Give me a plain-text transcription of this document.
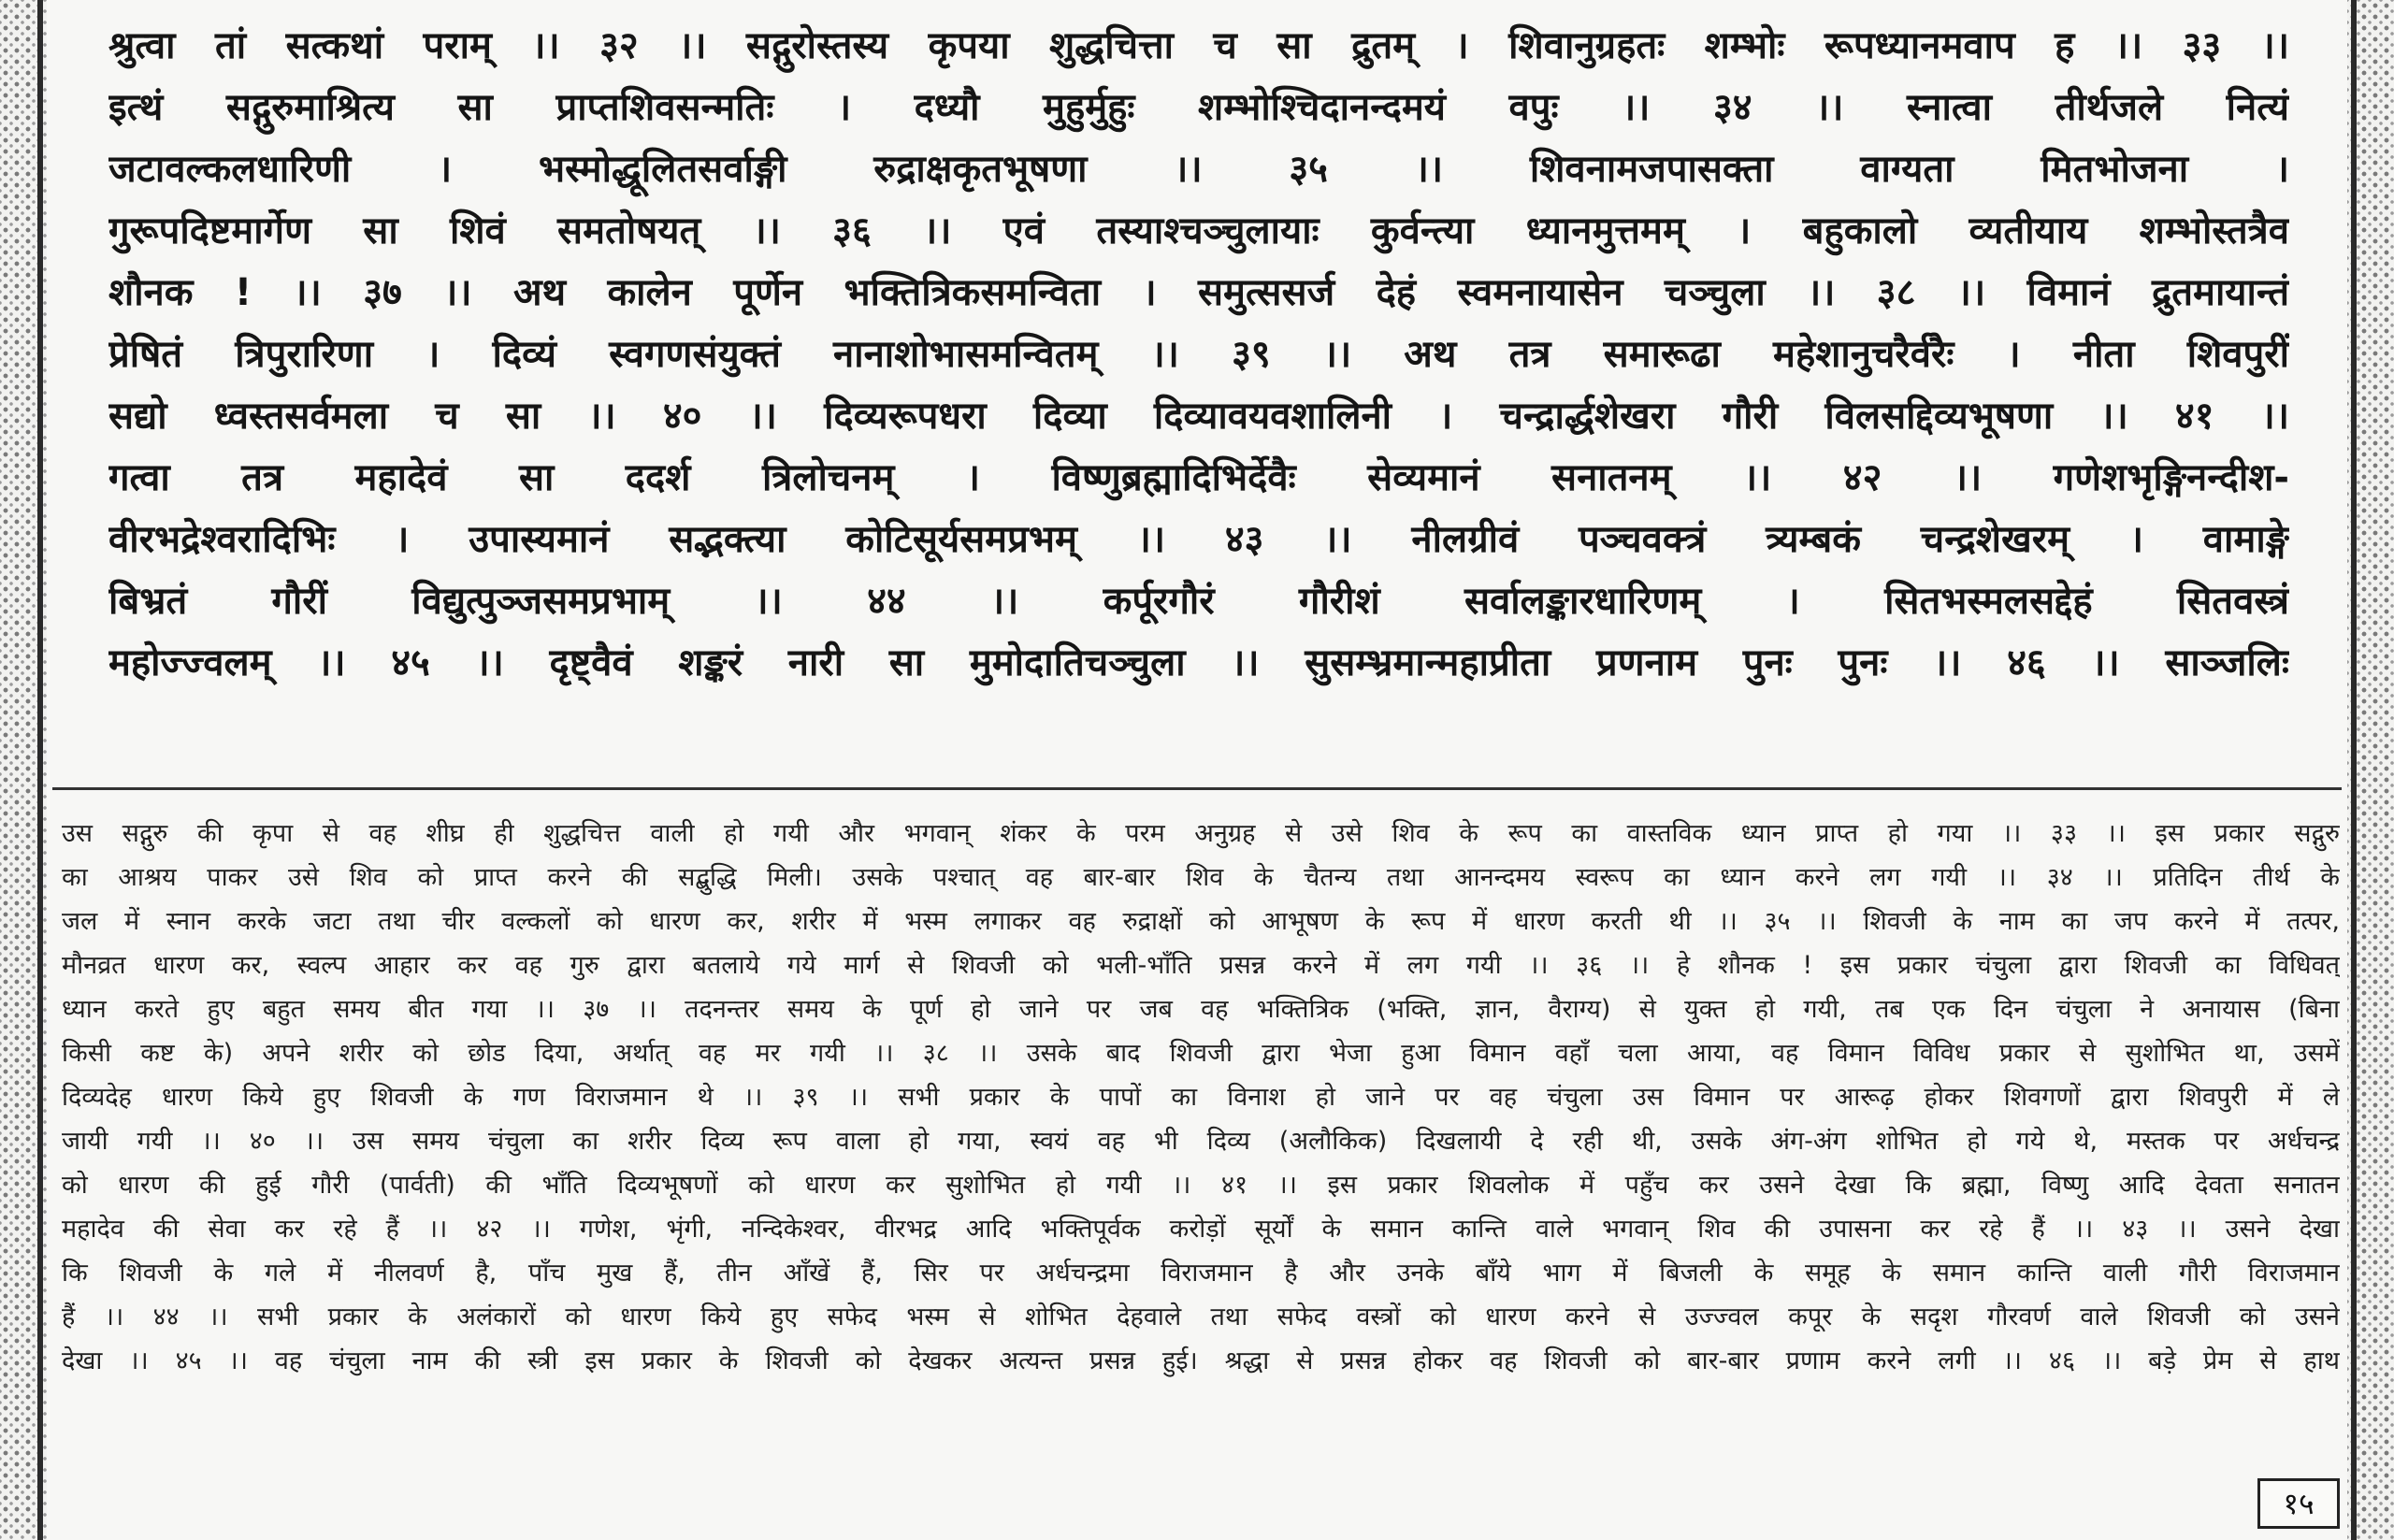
श्रुत्वा तां सत्कथां पराम् ।। ३२ ।। सद्गुरोस्तस्य कृपया शुद्धचित्ता च सा द्रुतम् । शिवानुग्रहतः शम्भोः रूपध्यानमवाप ह ।। ३३ ।।

इत्थं सद्गुरुमाश्रित्य सा प्राप्तशिवसन्मतिः । दध्यौ मुहुर्मुहुः शम्भोश्चिदानन्दमयं वपुः ।। ३४ ।। स्नात्वा तीर्थजले नित्यं

जटावल्कलधारिणी । भस्मोद्धूलितसर्वाङ्गी रुद्राक्षकृतभूषणा ।। ३५ ।। शिवनामजपासक्ता वाग्यता मितभोजना ।

गुरूपदिष्टमार्गेण सा शिवं समतोषयत् ।। ३६ ।। एवं तस्याश्चञ्चुलायाः कुर्वन्त्या ध्यानमुत्तमम् । बहुकालो व्यतीयाय शम्भोस्तत्रैव

शौनक ! ।। ३७ ।। अथ कालेन पूर्णेन भक्तित्रिकसमन्विता । समुत्ससर्ज देहं स्वमनायासेन चञ्चुला ।। ३८ ।। विमानं द्रुतमायान्तं

प्रेषितं त्रिपुरारिणा । दिव्यं स्वगणसंयुक्तं नानाशोभासमन्वितम् ।। ३९ ।। अथ तत्र समारूढा महेशानुचरैर्वरैः । नीता शिवपुरीं

सद्यो ध्वस्तसर्वमला च सा ।। ४० ।। दिव्यरूपधरा दिव्या दिव्यावयवशालिनी । चन्द्रार्द्धशेखरा गौरी विलसद्दिव्यभूषणा ।। ४१ ।।

गत्वा तत्र महादेवं सा ददर्श त्रिलोचनम् । विष्णुब्रह्मादिभिर्देवैः सेव्यमानं सनातनम् ।। ४२ ।। गणेशभृङ्गिनन्दीश-

वीरभद्रेश्वरादिभिः । उपास्यमानं सद्भक्त्या कोटिसूर्यसमप्रभम् ।। ४३ ।। नीलग्रीवं पञ्चवक्त्रं त्र्यम्बकं चन्द्रशेखरम् । वामाङ्गे

बिभ्रतं गौरीं विद्युत्पुञ्जसमप्रभाम् ।। ४४ ।। कर्पूरगौरं गौरीशं सर्वालङ्कारधारिणम् । सितभस्मलसद्देहं सितवस्त्रं

महोज्ज्वलम् ।। ४५ ।। दृष्ट्वैवं शङ्करं नारी सा मुमोदातिचञ्चुला ।। सुसम्भ्रमान्महाप्रीता प्रणनाम पुनः पुनः ।। ४६ ।। साञ्जलिः

उस सद्गुरु की कृपा से वह शीघ्र ही शुद्धचित्त वाली हो गयी और भगवान् शंकर के परम अनुग्रह से उसे शिव के रूप का वास्तविक ध्यान प्राप्त हो गया ।। ३३ ।। इस प्रकार सद्गुरु

का आश्रय पाकर उसे शिव को प्राप्त करने की सद्बुद्धि मिली। उसके पश्चात् वह बार-बार शिव के चैतन्य तथा आनन्दमय स्वरूप का ध्यान करने लग गयी ।। ३४ ।। प्रतिदिन तीर्थ के

जल में स्नान करके जटा तथा चीर वल्कलों को धारण कर, शरीर में भस्म लगाकर वह रुद्राक्षों को आभूषण के रूप में धारण करती थी ।। ३५ ।। शिवजी के नाम का जप करने में तत्पर,

मौनव्रत धारण कर, स्वल्प आहार कर वह गुरु द्वारा बतलाये गये मार्ग से शिवजी को भली-भाँति प्रसन्न करने में लग गयी ।। ३६ ।। हे शौनक ! इस प्रकार चंचुला द्वारा शिवजी का विधिवत्

ध्यान करते हुए बहुत समय बीत गया ।। ३७ ।। तदनन्तर समय के पूर्ण हो जाने पर जब वह भक्तित्रिक (भक्ति, ज्ञान, वैराग्य) से युक्त हो गयी, तब एक दिन चंचुला ने अनायास (बिना

किसी कष्ट के) अपने शरीर को छोड दिया, अर्थात् वह मर गयी ।। ३८ ।। उसके बाद शिवजी द्वारा भेजा हुआ विमान वहाँ चला आया, वह विमान विविध प्रकार से सुशोभित था, उसमें

दिव्यदेह धारण किये हुए शिवजी के गण विराजमान थे ।। ३९ ।। सभी प्रकार के पापों का विनाश हो जाने पर वह चंचुला उस विमान पर आरूढ़ होकर शिवगणों द्वारा शिवपुरी में ले

जायी गयी ।। ४० ।। उस समय चंचुला का शरीर दिव्य रूप वाला हो गया, स्वयं वह भी दिव्य (अलौकिक) दिखलायी दे रही थी, उसके अंग-अंग शोभित हो गये थे, मस्तक पर अर्धचन्द्र

को धारण की हुई गौरी (पार्वती) की भाँति दिव्यभूषणों को धारण कर सुशोभित हो गयी ।। ४१ ।। इस प्रकार शिवलोक में पहुँच कर उसने देखा कि ब्रह्मा, विष्णु आदि देवता सनातन

महादेव की सेवा कर रहे हैं ।। ४२ ।। गणेश, भृंगी, नन्दिकेश्वर, वीरभद्र आदि भक्तिपूर्वक करोड़ों सूर्यों के समान कान्ति वाले भगवान् शिव की उपासना कर रहे हैं ।। ४३ ।। उसने देखा

कि शिवजी के गले में नीलवर्ण है, पाँच मुख हैं, तीन आँखें हैं, सिर पर अर्धचन्द्रमा विराजमान है और उनके बाँये भाग में बिजली के समूह के समान कान्ति वाली गौरी विराजमान

हैं ।। ४४ ।। सभी प्रकार के अलंकारों को धारण किये हुए सफेद भस्म से शोभित देहवाले तथा सफेद वस्त्रों को धारण करने से उज्ज्वल कपूर के सदृश गौरवर्ण वाले शिवजी को उसने

देखा ।। ४५ ।। वह चंचुला नाम की स्त्री इस प्रकार के शिवजी को देखकर अत्यन्त प्रसन्न हुई। श्रद्धा से प्रसन्न होकर वह शिवजी को बार-बार प्रणाम करने लगी ।। ४६ ।। बड़े प्रेम से हाथ

१५
